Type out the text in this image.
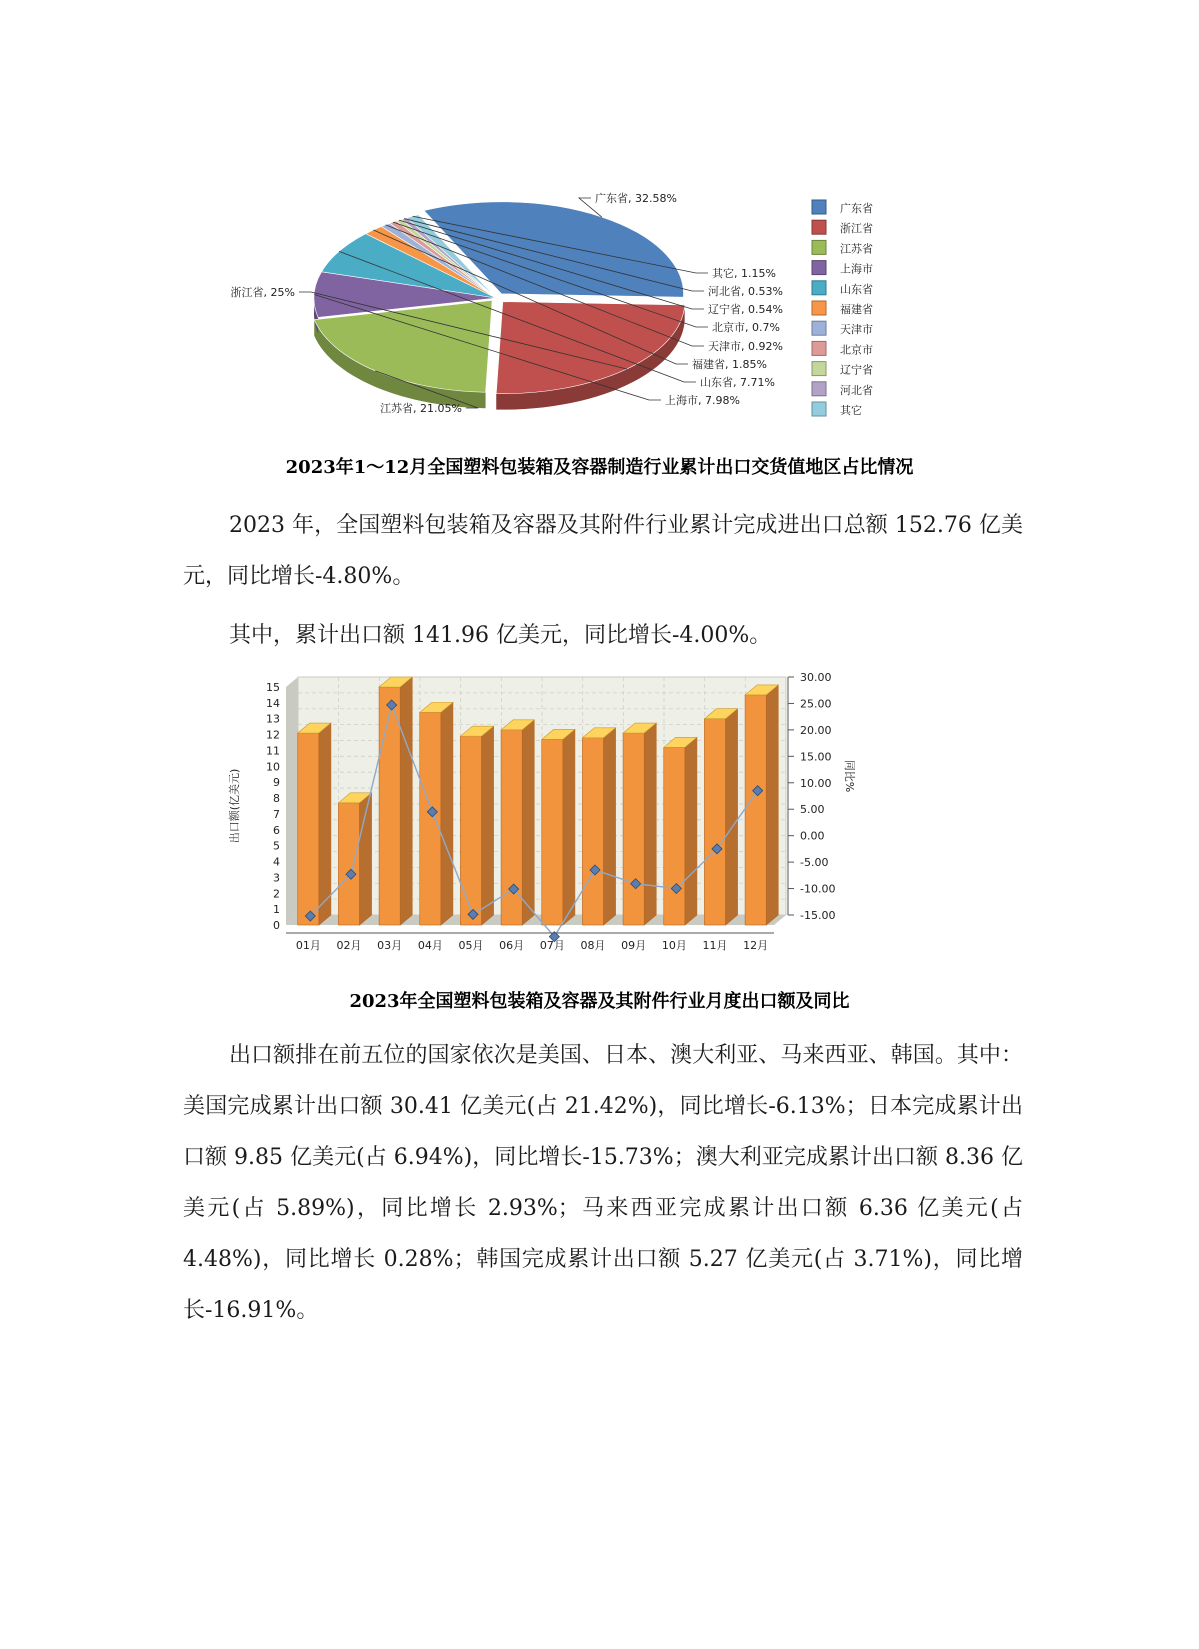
广东省, 32.58%
浙江省, 25%
江苏省, 21.05%
上海市, 7.98%
山东省, 7.71%
福建省, 1.85%
天津市, 0.92%
北京市, 0.7%
辽宁省, 0.54%
河北省, 0.53%
其它, 1.15%
广东省
浙江省
江苏省
上海市
山东省
福建省
天津市
北京市
辽宁省
河北省
其它
2023年1～12月全国塑料包装箱及容器制造行业累计出口交货值地区占比情况
2023 年，全国塑料包装箱及容器及其附件行业累计完成进出口总额 152.76 亿美元，同比增长-4.80%。
其中，累计出口额 141.96 亿美元，同比增长-4.00%。
0
1
2
3
4
5
6
7
8
9
10
11
12
13
14
15
-15.00
-10.00
-5.00
0.00
5.00
10.00
15.00
20.00
25.00
30.00
出口额(亿美元)	同比%
01月 02月 03月 04月 05月 06月 07月 08月 09月 10月 11月 12月
2023年全国塑料包装箱及容器及其附件行业月度出口额及同比
出口额排在前五位的国家依次是美国、日本、澳大利亚、马来西亚、韩国。其中：美国完成累计出口额 30.41 亿美元(占 21.42%)，同比增长-6.13%；日本完成累计出口额 9.85 亿美元(占 6.94%)，同比增长-15.73%；澳大利亚完成累计出口额 8.36 亿美元(占 5.89%)，同比增长 2.93%；马来西亚完成累计出口额 6.36 亿美元(占 4.48%)，同比增长 0.28%；韩国完成累计出口额 5.27 亿美元(占 3.71%)，同比增长-16.91%。
